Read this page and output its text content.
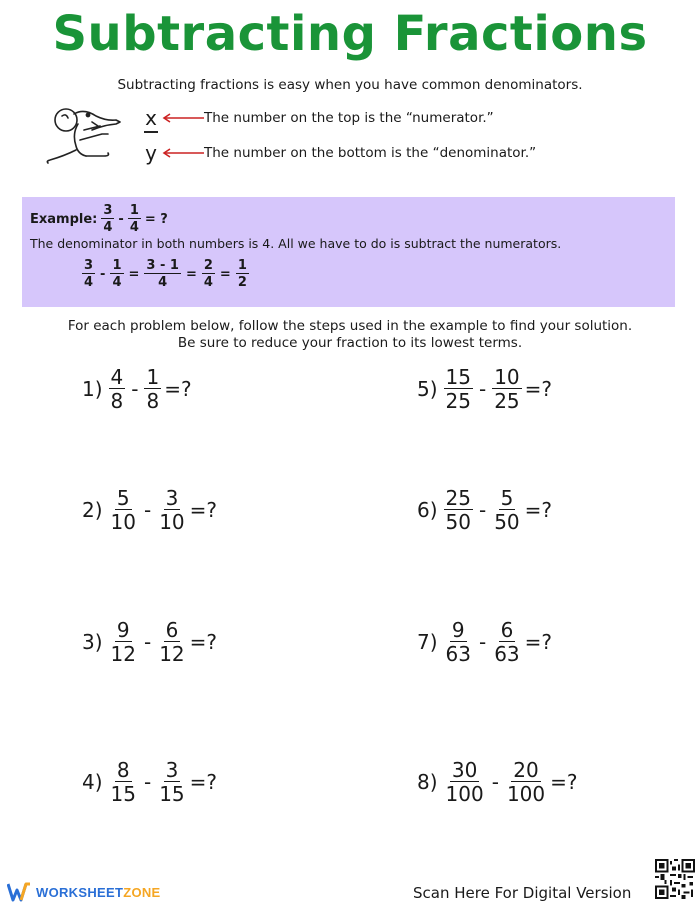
Subtracting Fractions
Subtracting fractions is easy when you have common denominators.
x
y
The number on the top is the “numerator.”
The number on the bottom is the “denominator.”
Example: $\frac{3}{4} - \frac{1}{4}$ = ?
The denominator in both numbers is 4. All we have to do is subtract the numerators.
$\frac{3}{4} - \frac{1}{4} = \frac{3 - 1}{4} = \frac{2}{4} = \frac{1}{2}$
For each problem below, follow the steps used in the example to find your solution.
Be sure to reduce your fraction to its lowest terms.
$1) \frac{4}{8} - \frac{1}{8}$ =?
$2) \frac{5}{10} - \frac{3}{10}$ =?
$3) \frac{9}{12} - \frac{6}{12}$ =?
$4) \frac{8}{15} - \frac{3}{15}$ =?
$5) \frac{15}{25} - \frac{10}{25}$ =?
$6) \frac{25}{50} - \frac{5}{50}$ =?
$7) \frac{9}{63} - \frac{6}{63}$ =?
$8) \frac{30}{100} - \frac{20}{100}$ =?
WORKSHEETZONE	Scan Here For Digital Version
